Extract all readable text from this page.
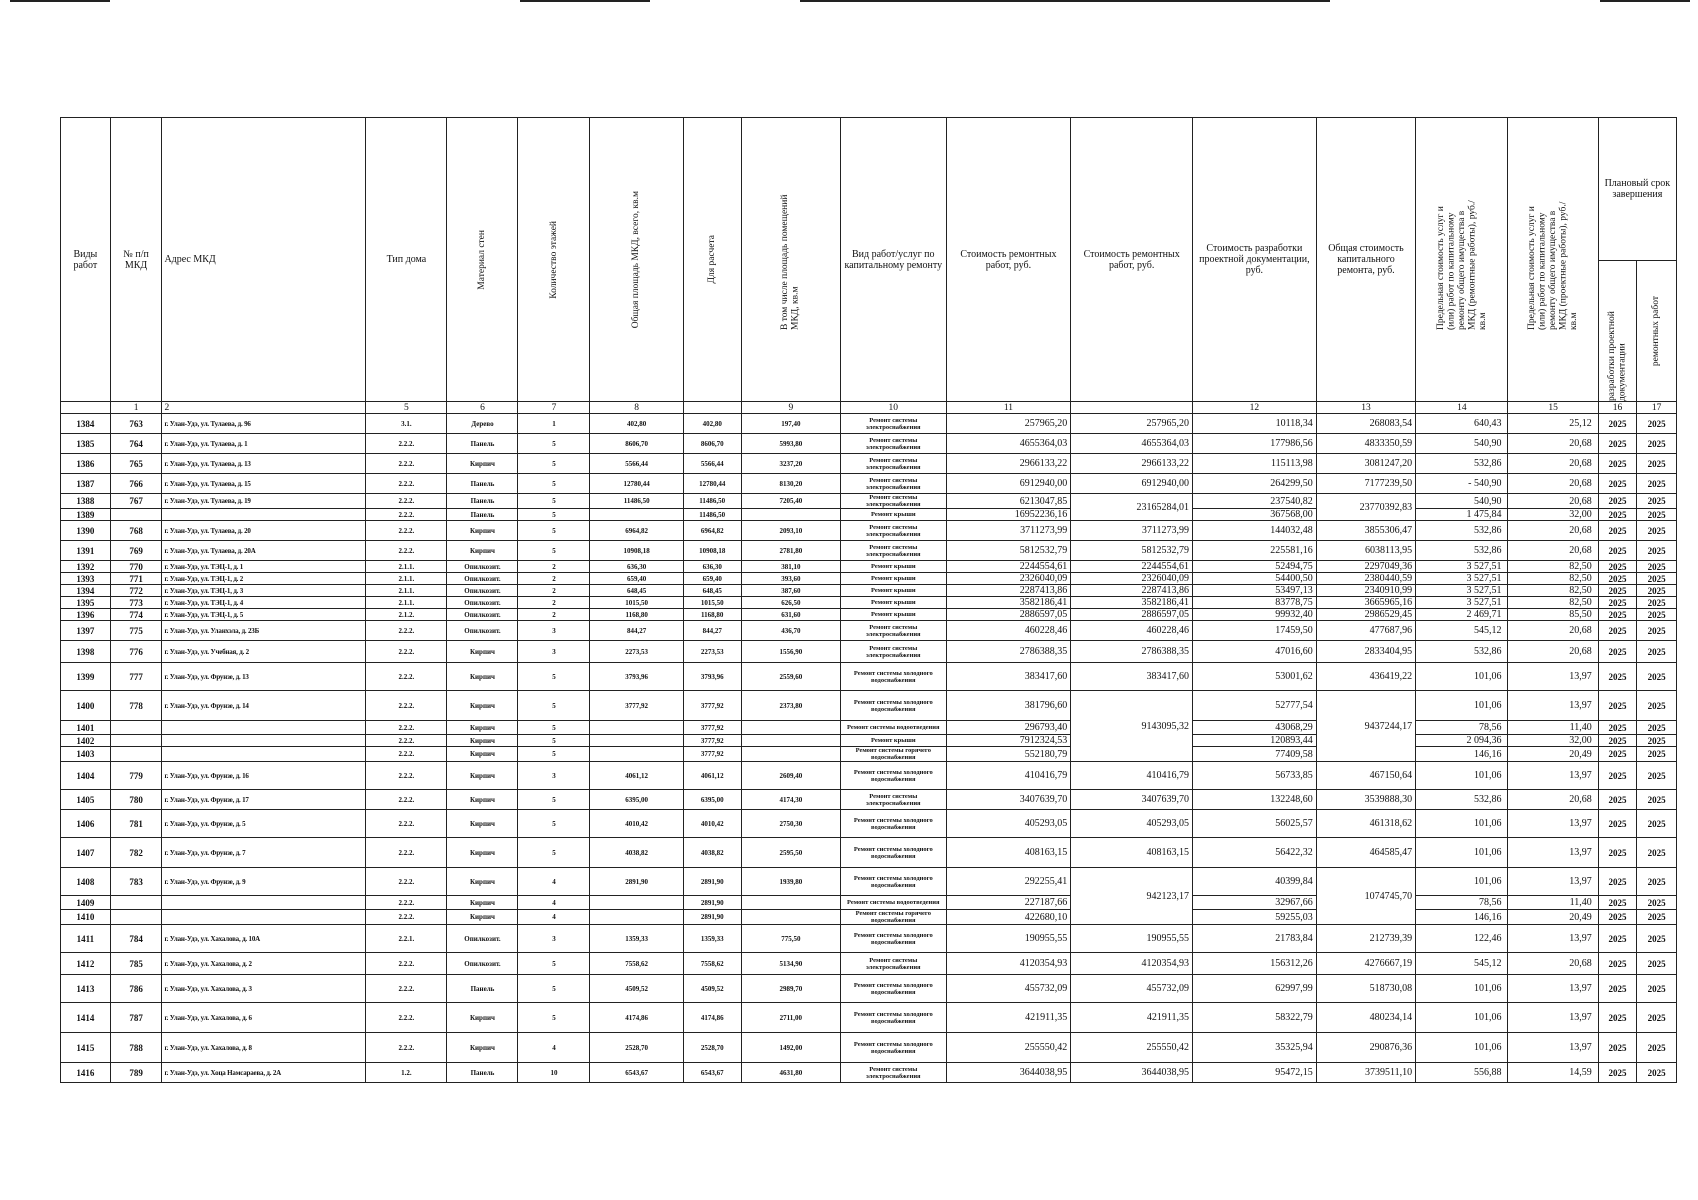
Виды работ	№ п/п МКД	Адрес МКД	Тип дома	Материал стен	Количество этажей	Общая площадь МКД, всего, кв.м	Для расчета	В том числе площадь помещений МКД, кв.м	Вид работ/услуг по капитальному ремонту	Стоимость ремонтных работ, руб.	Стоимость ремонтных работ, руб.	Стоимость разработки проектной документации, руб.	Общая стоимость капитального ремонта, руб.	Предельная стоимость услуг и (или) работ по капитальному ремонту общего имущества в МКД (ремонтные работы), руб./кв.м	Предельная стоимость услуг и (или) работ по капитальному ремонту общего имущества в МКД (проектные работы), руб./кв.м	Плановый срок завершения	

																разработки проектной документации	ремонтных работ

	1	2	5	6	7	8		9	10	11		12	13	14	15	16	17
1384	763	г. Улан-Удэ, ул. Тулаева, д. 96	3.1.	Дерево	1	402,80	402,80	197,40	Ремонт системы электроснабжения	257965,20	257965,20	10118,34	268083,54	640,43	25,12	2025	2025
1385	764	г. Улан-Удэ, ул. Тулаева, д. 1	2.2.2.	Панель	5	8606,70	8606,70	5993,80	Ремонт системы электроснабжения	4655364,03	4655364,03	177986,56	4833350,59	540,90	20,68	2025	2025
1386	765	г. Улан-Удэ, ул. Тулаева, д. 13	2.2.2.	Кирпич	5	5566,44	5566,44	3237,20	Ремонт системы электроснабжения	2966133,22	2966133,22	115113,98	3081247,20	532,86	20,68	2025	2025
1387	766	г. Улан-Удэ, ул. Тулаева, д. 15	2.2.2.	Панель	5	12780,44	12780,44	8130,20	Ремонт системы электроснабжения	6912940,00	6912940,00	264299,50	7177239,50	- 540,90	20,68	2025	2025
1388	767	г. Улан-Удэ, ул. Тулаева, д. 19	2.2.2.	Панель	5	11486,50	11486,50	7205,40	Ремонт системы электроснабжения	6213047,85	23165284,01	237540,82	23770392,83	540,90	20,68	2025	2025
1389			2.2.2.	Панель	5		11486,50		Ремонт крыши	16952236,16		367568,00		1 475,84	32,00	2025	2025
1390	768	г. Улан-Удэ, ул. Тулаева, д. 20	2.2.2.	Кирпич	5	6964,82	6964,82	2093,10	Ремонт системы электроснабжения	3711273,99	3711273,99	144032,48	3855306,47	532,86	20,68	2025	2025
1391	769	г. Улан-Удэ, ул. Тулаева, д. 20А	2.2.2.	Кирпич	5	10908,18	10908,18	2781,80	Ремонт системы электроснабжения	5812532,79	5812532,79	225581,16	6038113,95	532,86	20,68	2025	2025
1392	770	г. Улан-Удэ, ул. ТЭЦ-1, д. 1	2.1.1.	Опилкозит.	2	636,30	636,30	381,10	Ремонт крыши	2244554,61	2244554,61	52494,75	2297049,36	3 527,51	82,50	2025	2025
1393	771	г. Улан-Удэ, ул. ТЭЦ-1, д. 2	2.1.1.	Опилкозит.	2	659,40	659,40	393,60	Ремонт крыши	2326040,09	2326040,09	54400,50	2380440,59	3 527,51	82,50	2025	2025
1394	772	г. Улан-Удэ, ул. ТЭЦ-1, д. 3	2.1.1.	Опилкозит.	2	648,45	648,45	387,60	Ремонт крыши	2287413,86	2287413,86	53497,13	2340910,99	3 527,51	82,50	2025	2025
1395	773	г. Улан-Удэ, ул. ТЭЦ-1, д. 4	2.1.1.	Опилкозит.	2	1015,50	1015,50	626,50	Ремонт крыши	3582186,41	3582186,41	83778,75	3665965,16	3 527,51	82,50	2025	2025
1396	774	г. Улан-Удэ, ул. ТЭЦ-1, д. 5	2.1.2.	Опилкозит.	2	1168,80	1168,80	631,60	Ремонт крыши	2886597,05	2886597,05	99932,40	2986529,45	2 469,71	85,50	2025	2025
1397	775	г. Улан-Удэ, ул. Уланхэла, д. 23Б	2.2.2.	Опилкозит.	3	844,27	844,27	436,70	Ремонт системы электроснабжения	460228,46	460228,46	17459,50	477687,96	545,12	20,68	2025	2025
1398	776	г. Улан-Удэ, ул. Учебная, д. 2	2.2.2.	Кирпич	3	2273,53	2273,53	1556,90	Ремонт системы электроснабжения	2786388,35	2786388,35	47016,60	2833404,95	532,86	20,68	2025	2025
1399	777	г. Улан-Удэ, ул. Фрунзе, д. 13	2.2.2.	Кирпич	5	3793,96	3793,96	2559,60	Ремонт системы холодного водоснабжения	383417,60	383417,60	53001,62	436419,22	101,06	13,97	2025	2025
1400	778	г. Улан-Удэ, ул. Фрунзе, д. 14	2.2.2.	Кирпич	5	3777,92	3777,92	2373,80	Ремонт системы холодного водоснабжения	381796,60	9143095,32	52777,54	9437244,17	101,06	13,97	2025	2025
1401			2.2.2.	Кирпич	5		3777,92		Ремонт системы водоотведения	296793,40		43068,29		78,56	11,40	2025	2025
1402			2.2.2.	Кирпич	5		3777,92		Ремонт крыши	7912324,53		120893,44		2 094,36	32,00	2025	2025
1403			2.2.2.	Кирпич	5		3777,92		Ремонт системы горячего водоснабжения	552180,79		77409,58		146,16	20,49	2025	2025
1404	779	г. Улан-Удэ, ул. Фрунзе, д. 16	2.2.2.	Кирпич	3	4061,12	4061,12	2609,40	Ремонт системы холодного водоснабжения	410416,79	410416,79	56733,85	467150,64	101,06	13,97	2025	2025
1405	780	г. Улан-Удэ, ул. Фрунзе, д. 17	2.2.2.	Кирпич	5	6395,00	6395,00	4174,30	Ремонт системы электроснабжения	3407639,70	3407639,70	132248,60	3539888,30	532,86	20,68	2025	2025
1406	781	г. Улан-Удэ, ул. Фрунзе, д. 5	2.2.2.	Кирпич	5	4010,42	4010,42	2750,30	Ремонт системы холодного водоснабжения	405293,05	405293,05	56025,57	461318,62	101,06	13,97	2025	2025
1407	782	г. Улан-Удэ, ул. Фрунзе, д. 7	2.2.2.	Кирпич	5	4038,82	4038,82	2595,50	Ремонт системы холодного водоснабжения	408163,15	408163,15	56422,32	464585,47	101,06	13,97	2025	2025
1408	783	г. Улан-Удэ, ул. Фрунзе, д. 9	2.2.2.	Кирпич	4	2891,90	2891,90	1939,80	Ремонт системы холодного водоснабжения	292255,41	942123,17	40399,84	1074745,70	101,06	13,97	2025	2025
1409			2.2.2.	Кирпич	4		2891,90		Ремонт системы водоотведения	227187,66		32967,66		78,56	11,40	2025	2025
1410			2.2.2.	Кирпич	4		2891,90		Ремонт системы горячего водоснабжения	422680,10		59255,03		146,16	20,49	2025	2025
1411	784	г. Улан-Удэ, ул. Хахалова, д. 10А	2.2.1.	Опилкозит.	3	1359,33	1359,33	775,50	Ремонт системы холодного водоснабжения	190955,55	190955,55	21783,84	212739,39	122,46	13,97	2025	2025
1412	785	г. Улан-Удэ, ул. Хахалова, д. 2	2.2.2.	Опилкозит.	5	7558,62	7558,62	5134,90	Ремонт системы электроснабжения	4120354,93	4120354,93	156312,26	4276667,19	545,12	20,68	2025	2025
1413	786	г. Улан-Удэ, ул. Хахалова, д. 3	2.2.2.	Панель	5	4509,52	4509,52	2989,70	Ремонт системы холодного водоснабжения	455732,09	455732,09	62997,99	518730,08	101,06	13,97	2025	2025
1414	787	г. Улан-Удэ, ул. Хахалова, д. 6	2.2.2.	Кирпич	5	4174,86	4174,86	2711,00	Ремонт системы холодного водоснабжения	421911,35	421911,35	58322,79	480234,14	101,06	13,97	2025	2025
1415	788	г. Улан-Удэ, ул. Хахалова, д. 8	2.2.2.	Кирпич	4	2528,70	2528,70	1492,00	Ремонт системы холодного водоснабжения	255550,42	255550,42	35325,94	290876,36	101,06	13,97	2025	2025
1416	789	г. Улан-Удэ, ул. Хоца Намсараева, д. 2А	1.2.	Панель	10	6543,67	6543,67	4631,80	Ремонт системы электроснабжения	3644038,95	3644038,95	95472,15	3739511,10	556,88	14,59	2025	2025
